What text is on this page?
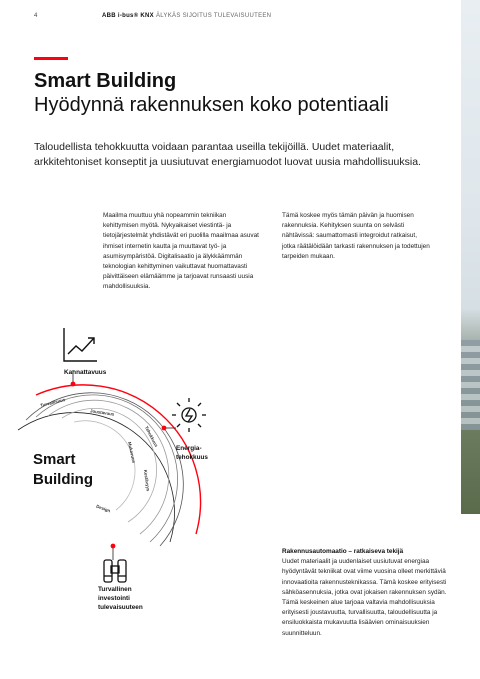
4	ABB i-bus® KNX ÄLYKÄS SIJOITUS TULEVAISUUTEEN
Smart Building
Hyödynnä rakennuksen koko potentiaali

Taloudellista tehokkuutta voidaan parantaa useilla tekijöillä. Uudet materiaalit, arkkitehtoniset konseptit ja uusiutuvat energiamuodot luovat uusia mahdollisuuksia.

Maailma muuttuu yhä nopeammin tekniikan kehittymisen myötä. Nykyaikaiset viestintä- ja tietojärjestelmät yhdistävät eri puolilla maailmaa asuvat ihmiset internetin kautta ja muuttavat työ- ja asumisympäristöä. Digitalisaatio ja älykkäämmän teknologian kehittyminen vaikuttavat huomattavasti päivittäiseen elämäämme ja tarjoavat runsaasti uusia mahdollisuuksia.

Tämä koskee myös tämän päivän ja huomisen rakennuksia. Kehityksen suunta on selvästi nähtävissä: saumattomasti integroidut ratkaisut, jotka räätälöidään tarkasti rakennuksen ja todettujen tarpeiden mukaan.

Rakennusautomaatio – ratkaiseva tekijä
Uudet materiaalit ja uudenlaiset uusiutuvat energiaa hyödyntävät tekniikat ovat viime vuosina olleet merkittäviä innovaatioita rakennusteknikassa. Tämä koskee erityisesti sähköasennuksia, jotka ovat jokaisen rakennuksen sydän. Tämä keskeinen alue tarjoaa valtavia mahdollisuuksia erityisesti joustavuutta, turvallisuutta, taloudellisuutta ja ensiluokkaista mukavuutta lisäävien ominaisuuksien suunnitteluun.
Kannattavuus
Energia-
tehokkuus
Turvallinen
investointi
tulevaisuuteen
Smart
Building
Turvallisuus
Joustavuus
Mukavuus
Tehokkuus
Kestävyys
Design
